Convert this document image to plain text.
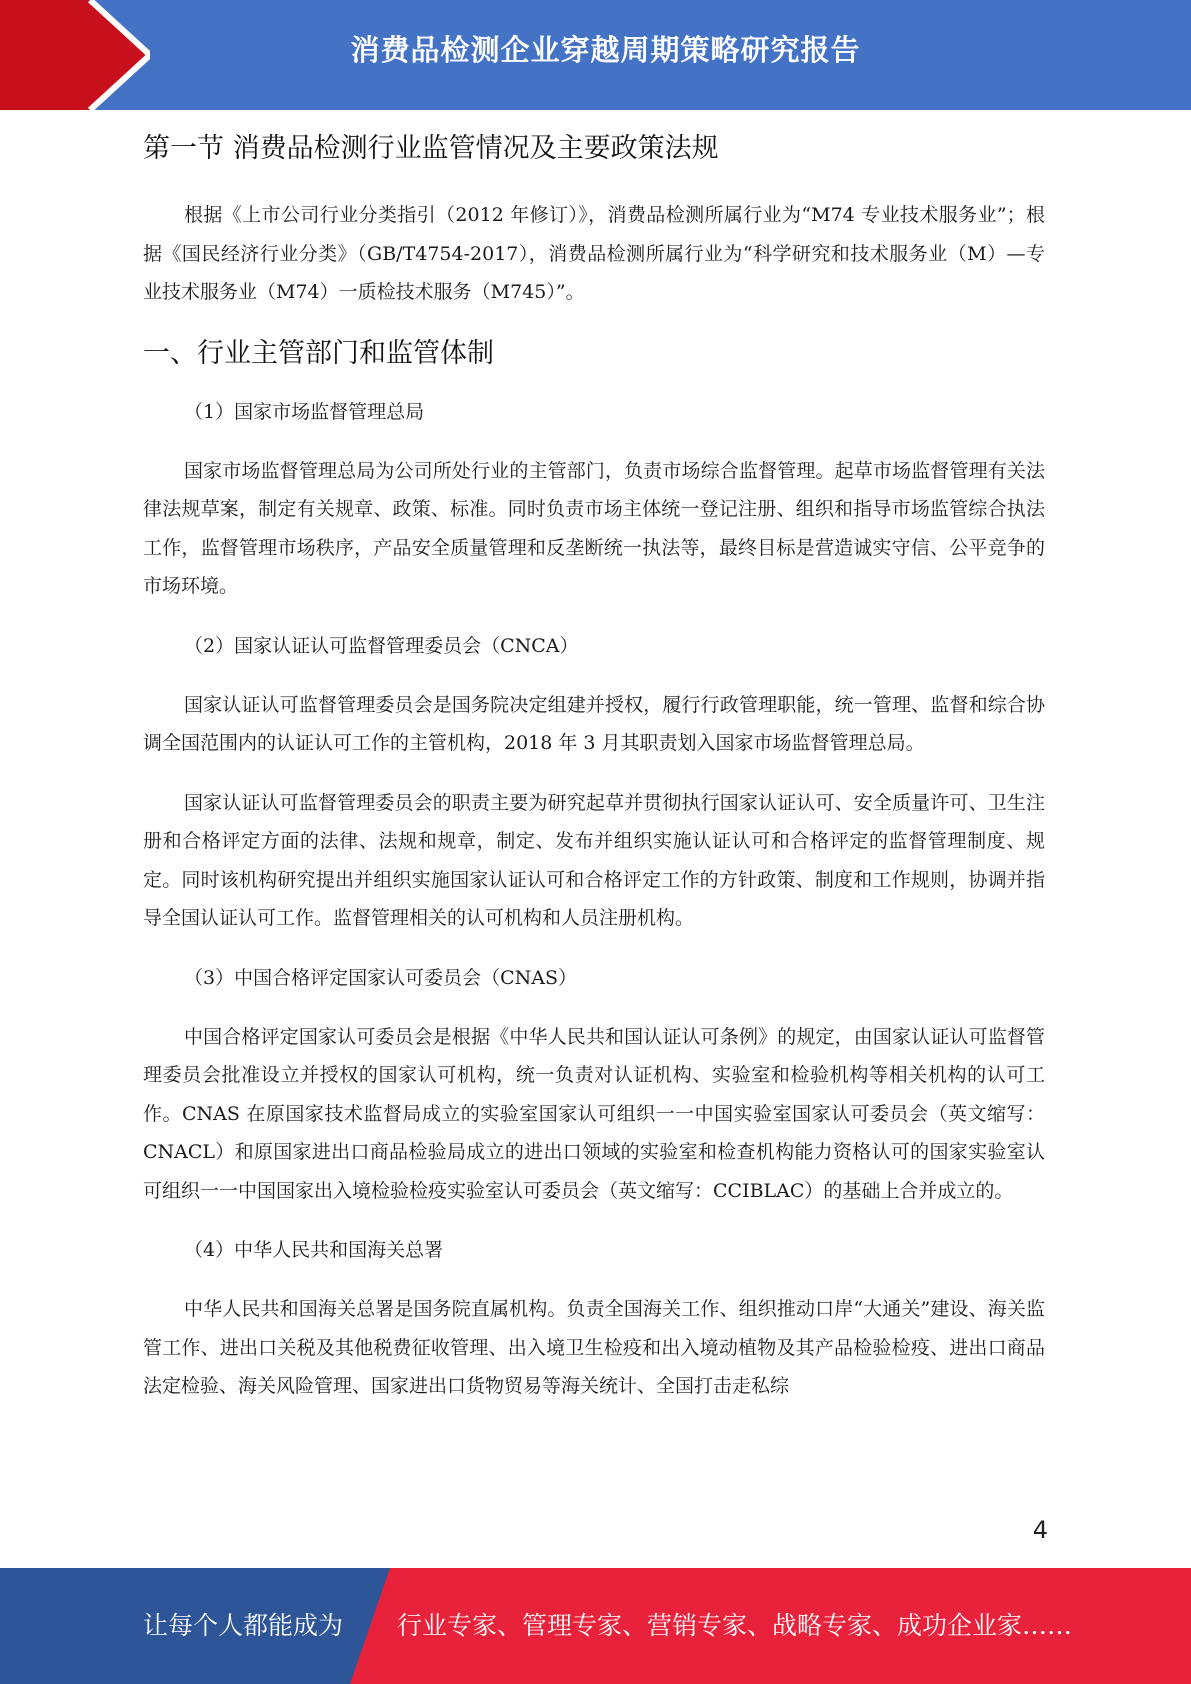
消费品检测企业穿越周期策略研究报告
第一节 消费品检测行业监管情况及主要政策法规

根据《上市公司行业分类指引（2012 年修订）》，消费品检测所属行业为“M74 专业技术服务业”；根据《国民经济行业分类》（GB/T4754-2017），消费品检测所属行业为“科学研究和技术服务业（M）—专业技术服务业（M74）一质检技术服务（M745）”。

一、行业主管部门和监管体制
（1）国家市场监督管理总局

国家市场监督管理总局为公司所处行业的主管部门，负责市场综合监督管理。起草市场监督管理有关法律法规草案，制定有关规章、政策、标准。同时负责市场主体统一登记注册、组织和指导市场监管综合执法工作，监督管理市场秩序，产品安全质量管理和反垄断统一执法等，最终目标是营造诚实守信、公平竞争的市场环境。

（2）国家认证认可监督管理委员会（CNCA）

国家认证认可监督管理委员会是国务院决定组建并授权，履行行政管理职能，统一管理、监督和综合协调全国范围内的认证认可工作的主管机构，2018 年 3 月其职责划入国家市场监督管理总局。

国家认证认可监督管理委员会的职责主要为研究起草并贯彻执行国家认证认可、安全质量许可、卫生注册和合格评定方面的法律、法规和规章，制定、发布并组织实施认证认可和合格评定的监督管理制度、规定。同时该机构研究提出并组织实施国家认证认可和合格评定工作的方针政策、制度和工作规则，协调并指导全国认证认可工作。监督管理相关的认可机构和人员注册机构。

（3）中国合格评定国家认可委员会（CNAS）

中国合格评定国家认可委员会是根据《中华人民共和国认证认可条例》的规定，由国家认证认可监督管理委员会批准设立并授权的国家认可机构，统一负责对认证机构、实验室和检验机构等相关机构的认可工作。CNAS 在原国家技术监督局成立的实验室国家认可组织一一中国实验室国家认可委员会（英文缩写：CNACL）和原国家进出口商品检验局成立的进出口领域的实验室和检查机构能力资格认可的国家实验室认可组织一一中国国家出入境检验检疫实验室认可委员会（英文缩写：CCIBLAC）的基础上合并成立的。

（4）中华人民共和国海关总署

中华人民共和国海关总署是国务院直属机构。负责全国海关工作、组织推动口岸“大通关”建设、海关监管工作、进出口关税及其他税费征收管理、出入境卫生检疫和出入境动植物及其产品检验检疫、进出口商品法定检验、海关风险管理、国家进出口货物贸易等海关统计、全国打击走私综

4
让每个人都能成为 行业专家、管理专家、营销专家、战略专家、成功企业家……
